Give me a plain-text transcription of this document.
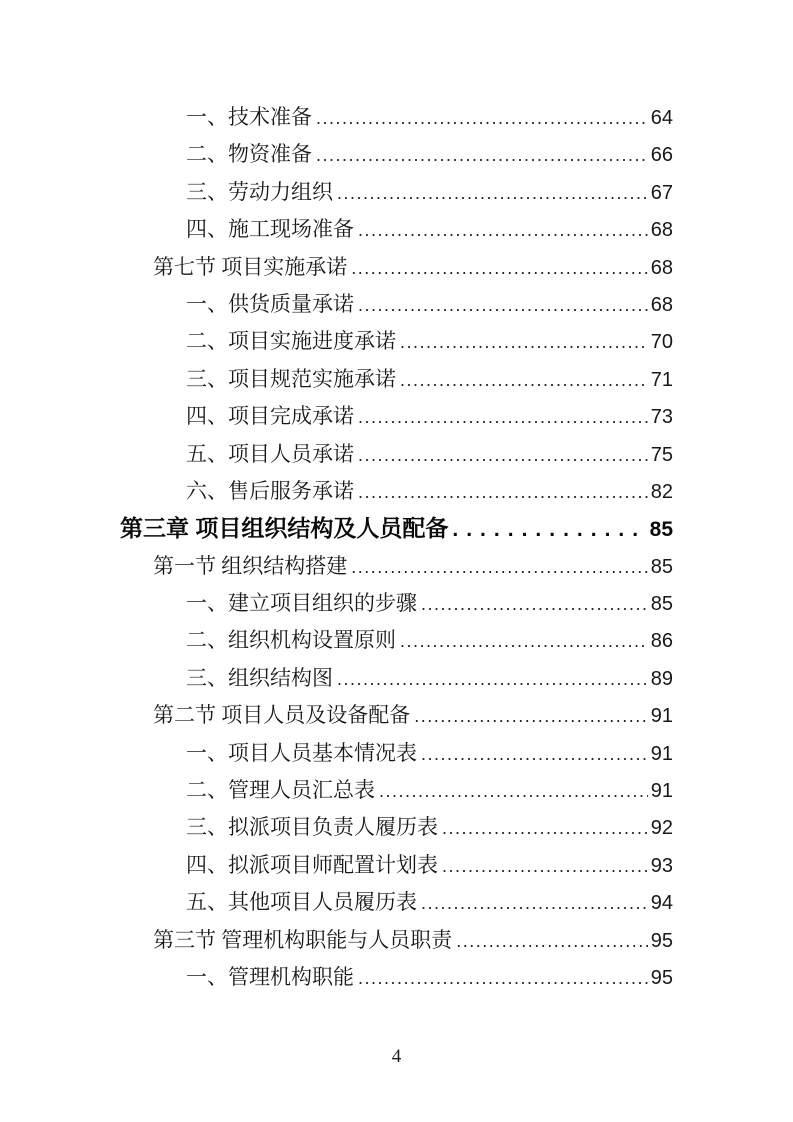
一、技术准备 .....	64
二、物资准备 .....	66
三、劳动力组织 .....	67
四、施工现场准备 .....	68
第七节 项目实施承诺 .....	68
一、供货质量承诺 .....	68
二、项目实施进度承诺 .....	70
三、项目规范实施承诺 .....	71
四、项目完成承诺 .....	73
五、项目人员承诺 .....	75
六、售后服务承诺 .....	82
第三章 项目组织结构及人员配备 .....	85
第一节 组织结构搭建 .....	85
一、建立项目组织的步骤 .....	85
二、组织机构设置原则 .....	86
三、组织结构图 .....	89
第二节 项目人员及设备配备 .....	91
一、项目人员基本情况表 .....	91
二、管理人员汇总表 .....	91
三、拟派项目负责人履历表 .....	92
四、拟派项目师配置计划表 .....	93
五、其他项目人员履历表 .....	94
第三节 管理机构职能与人员职责 .....	95
一、管理机构职能 .....	95
4
